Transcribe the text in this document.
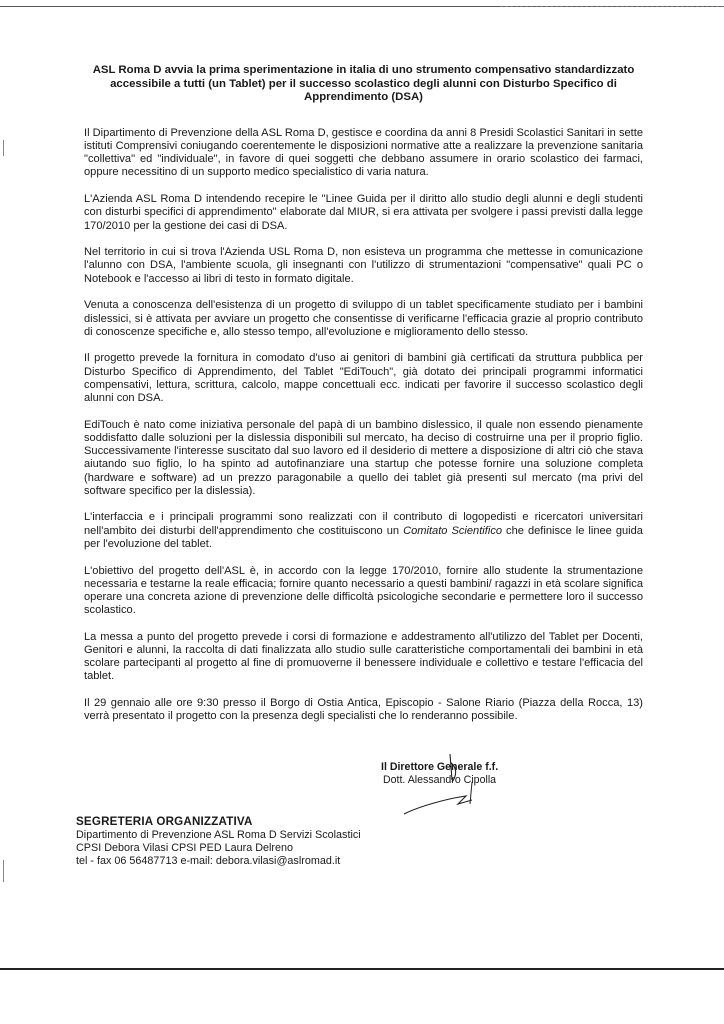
ASL Roma D avvia la prima sperimentazione in italia di uno strumento compensativo standardizzato accessibile a tutti (un Tablet) per il successo scolastico degli alunni con Disturbo Specifico di Apprendimento (DSA)

Il Dipartimento di Prevenzione della ASL Roma D, gestisce e coordina da anni 8 Presidi Scolastici Sanitari in sette istituti Comprensivi coniugando coerentemente le disposizioni normative atte a realizzare la prevenzione sanitaria "collettiva" ed "individuale", in favore di quei soggetti che debbano assumere in orario scolastico dei farmaci, oppure necessitino di un supporto medico specialistico di varia natura.

L'Azienda ASL Roma D intendendo recepire le "Linee Guida per il diritto allo studio degli alunni e degli studenti con disturbi specifici di apprendimento" elaborate dal MIUR, si era attivata per svolgere i passi previsti dalla legge 170/2010 per la gestione dei casi di DSA.

Nel territorio in cui si trova l'Azienda USL Roma D, non esisteva un programma che mettesse in comunicazione l'alunno con DSA, l'ambiente scuola, gli insegnanti con l'utilizzo di strumentazioni "compensative" quali PC o Notebook e l'accesso ai libri di testo in formato digitale.

Venuta a conoscenza dell'esistenza di un progetto di sviluppo di un tablet specificamente studiato per i bambini dislessici, si è attivata per avviare un progetto che consentisse di verificarne l'efficacia grazie al proprio contributo di conoscenze specifiche e, allo stesso tempo, all'evoluzione e miglioramento dello stesso.

Il progetto prevede la fornitura in comodato d'uso ai genitori di bambini già certificati da struttura pubblica per Disturbo Specifico di Apprendimento, del Tablet "EdiTouch", già dotato dei principali programmi informatici compensativi, lettura, scrittura, calcolo, mappe concettuali ecc. indicati per favorire il successo scolastico degli alunni con DSA.

EdiTouch è nato come iniziativa personale del papà di un bambino dislessico, il quale non essendo pienamente soddisfatto dalle soluzioni per la dislessia disponibili sul mercato, ha deciso di costruirne una per il proprio figlio. Successivamente l'interesse suscitato dal suo lavoro ed il desiderio di mettere a disposizione di altri ciò che stava aiutando suo figlio, lo ha spinto ad autofinanziare una startup che potesse fornire una soluzione completa (hardware e software) ad un prezzo paragonabile a quello dei tablet già presenti sul mercato (ma privi del software specifico per la dislessia).

L'interfaccia e i principali programmi sono realizzati con il contributo di logopedisti e ricercatori universitari nell'ambito dei disturbi dell'apprendimento che costituiscono un Comitato Scientifico che definisce le linee guida per l'evoluzione del tablet.

L'obiettivo del progetto dell'ASL è, in accordo con la legge 170/2010, fornire allo studente la strumentazione necessaria e testarne la reale efficacia; fornire quanto necessario a questi bambini/ ragazzi in età scolare significa operare una concreta azione di prevenzione delle difficoltà psicologiche secondarie e permettere loro il successo scolastico.

La messa a punto del progetto prevede i corsi di formazione e addestramento all'utilizzo del Tablet per Docenti, Genitori e alunni, la raccolta di dati finalizzata allo studio sulle caratteristiche comportamentali dei bambini in età scolare partecipanti al progetto al fine di promuoverne il benessere individuale e collettivo e testare l'efficacia del tablet.

Il 29 gennaio alle ore 9:30 presso il Borgo di Ostia Antica, Episcopio - Salone Riario (Piazza della Rocca, 13) verrà presentato il progetto con la presenza degli specialisti che lo renderanno possibile.

Il Direttore Generale f.f.
Dott. Alessandro Cipolla
SEGRETERIA ORGANIZZATIVA
Dipartimento di Prevenzione ASL Roma D Servizi Scolastici
CPSI Debora Vilasi CPSI PED Laura Delreno
tel - fax 06 56487713 e-mail: debora.vilasi@aslromad.it
